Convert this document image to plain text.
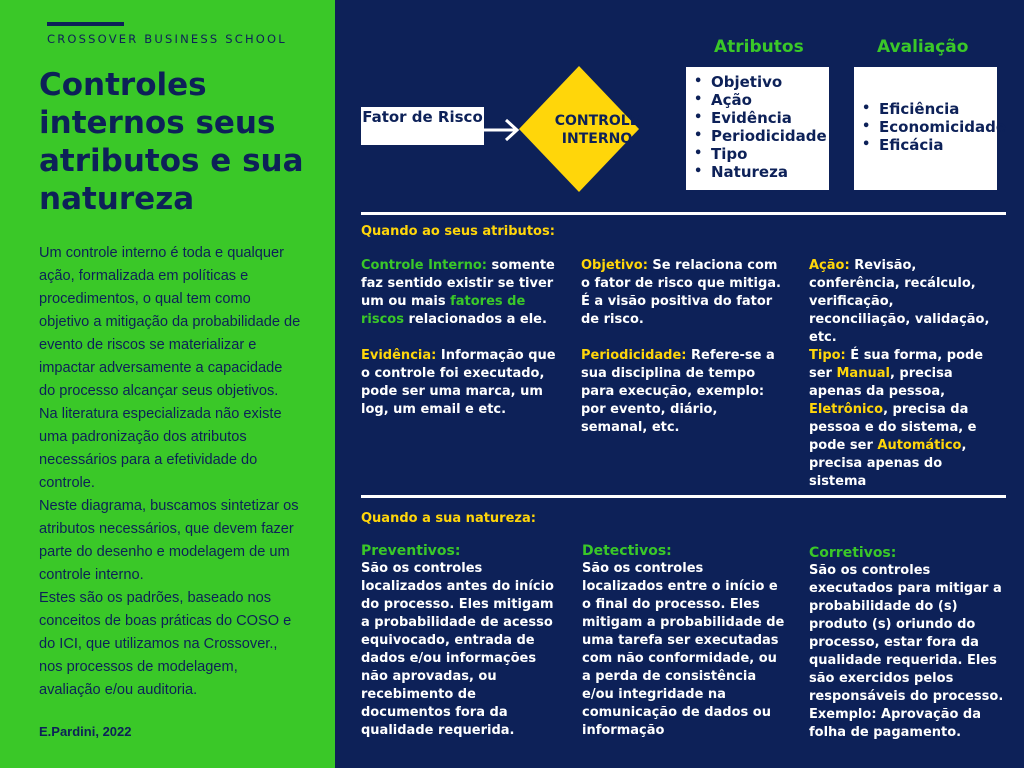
CROSSOVER BUSINESS SCHOOL
Controles internos seus atributos e sua natureza

Um controle interno é toda e qualquer ação, formalizada em políticas e procedimentos, o qual tem como objetivo a mitigação da probabilidade de evento de riscos se materializar e impactar adversamente a capacidade do processo alcançar seus objetivos. Na literatura especializada não existe uma padronização dos atributos necessários para a efetividade do controle.

Neste diagrama, buscamos sintetizar os atributos necessários, que devem fazer parte do desenho e modelagem de um controle interno.

Estes são os padrões, baseado nos conceitos de boas práticas do COSO e do ICI, que utilizamos na Crossover., nos processos de modelagem, avaliação e/ou auditoria.

E.Pardini, 2022
Atributos	Avaliação
Fator de Risco	CONTROLE INTERNO
• Objetivo
• Ação
• Evidência
• Periodicidade
• Tipo
• Natureza
• Eficiência
• Economicidade
• Eficácia
Quando ao seus atributos:
Controle Interno: somente faz sentido existir se tiver um ou mais fatores de riscos relacionados a ele.
Objetivo: Se relaciona com o fator de risco que mitiga. É a visão positiva do fator de risco.
Ação: Revisão, conferência, recálculo, verificação, reconciliação, validação, etc.
Evidência: Informação que o controle foi executado, pode ser uma marca, um log, um email e etc.
Periodicidade: Refere-se a sua disciplina de tempo para execução, exemplo: por evento, diário, semanal, etc.
Tipo: É sua forma, pode ser Manual, precisa apenas da pessoa, Eletrônico, precisa da pessoa e do sistema, e pode ser Automático, precisa apenas do sistema
Quando a sua natureza:
Preventivos:
São os controles localizados antes do início do processo. Eles mitigam a probabilidade de acesso equivocado, entrada de dados e/ou informações não aprovadas, ou recebimento de documentos fora da qualidade requerida.
Detectivos:
São os controles localizados entre o início e o final do processo. Eles mitigam a probabilidade de uma tarefa ser executadas com não conformidade, ou a perda de consistência e/ou integridade na comunicação de dados ou informação
Corretivos:
São os controles executados para mitigar a probabilidade do (s) produto (s) oriundo do processo, estar fora da qualidade requerida. Eles são exercidos pelos responsáveis do processo. Exemplo: Aprovação da folha de pagamento.
